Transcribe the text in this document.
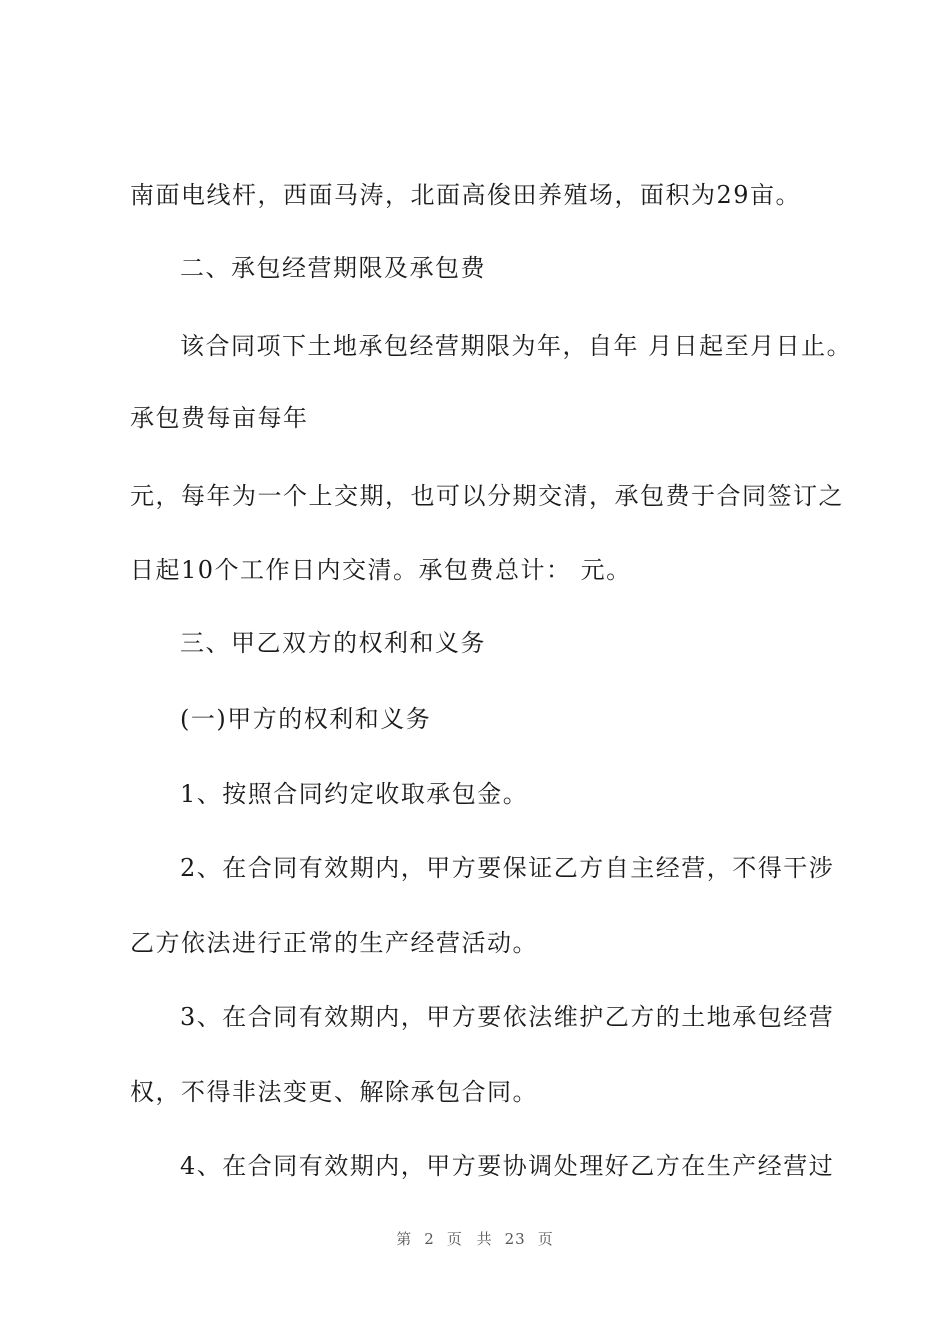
南面电线杆，西面马涛，北面高俊田养殖场，面积为29亩。
二、承包经营期限及承包费
该合同项下土地承包经营期限为年，自年 月日起至月日止。
承包费每亩每年
元，每年为一个上交期，也可以分期交清，承包费于合同签订之
日起10个工作日内交清。承包费总计： 元。
三、甲乙双方的权利和义务
(一)甲方的权利和义务
1、按照合同约定收取承包金。
2、在合同有效期内，甲方要保证乙方自主经营，不得干涉
乙方依法进行正常的生产经营活动。
3、在合同有效期内，甲方要依法维护乙方的土地承包经营
权，不得非法变更、解除承包合同。
4、在合同有效期内，甲方要协调处理好乙方在生产经营过
第 2 页 共 23 页
